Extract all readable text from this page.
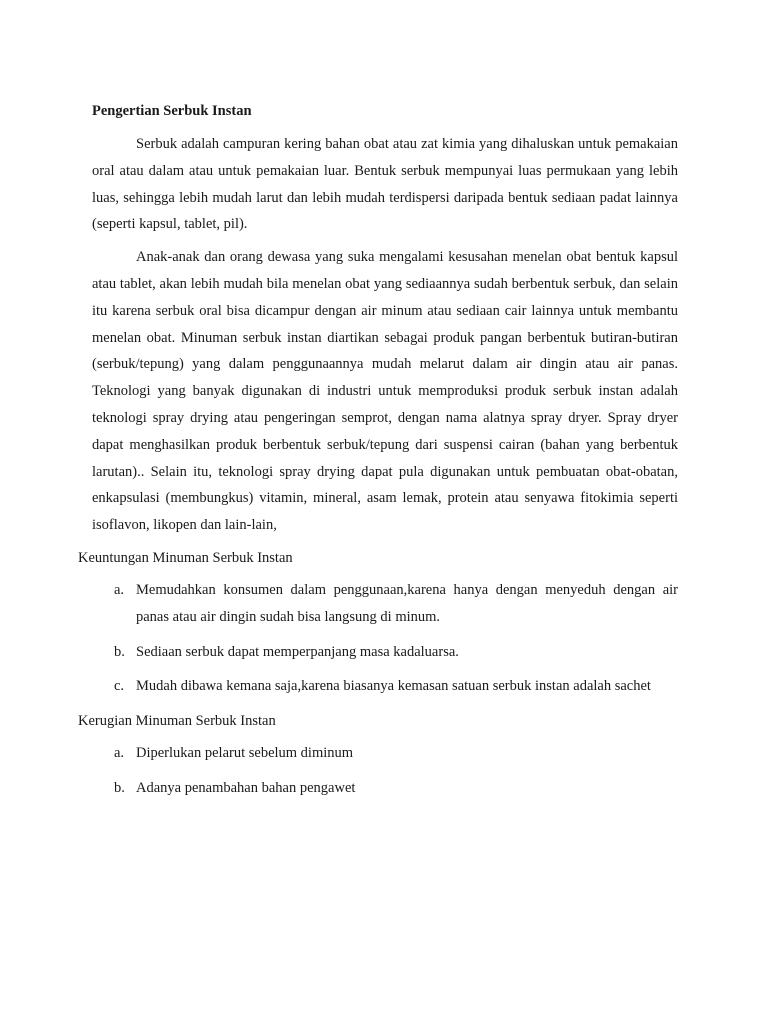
Pengertian Serbuk Instan

Serbuk adalah campuran kering bahan obat atau zat kimia yang dihaluskan untuk pemakaian oral atau dalam atau untuk pemakaian luar. Bentuk serbuk mempunyai luas permukaan yang lebih luas, sehingga lebih mudah larut dan lebih mudah terdispersi daripada bentuk sediaan padat lainnya (seperti kapsul, tablet, pil).

Anak-anak dan orang dewasa yang suka mengalami kesusahan menelan obat bentuk kapsul atau tablet, akan lebih mudah bila menelan obat yang sediaannya sudah berbentuk serbuk, dan selain itu karena serbuk oral bisa dicampur dengan air minum atau sediaan cair lainnya untuk membantu menelan obat. Minuman serbuk instan diartikan sebagai produk pangan berbentuk butiran-butiran (serbuk/tepung) yang dalam penggunaannya mudah melarut dalam air dingin atau air panas. Teknologi yang banyak digunakan di industri untuk memproduksi produk serbuk instan adalah teknologi spray drying atau pengeringan semprot, dengan nama alatnya spray dryer. Spray dryer dapat menghasilkan produk berbentuk serbuk/tepung dari suspensi cairan (bahan yang berbentuk larutan).. Selain itu, teknologi spray drying dapat pula digunakan untuk pembuatan obat-obatan, enkapsulasi (membungkus) vitamin, mineral, asam lemak, protein atau senyawa fitokimia seperti isoflavon, likopen dan lain-lain,

Keuntungan Minuman Serbuk Instan
a. Memudahkan konsumen dalam penggunaan,karena hanya dengan menyeduh dengan air panas atau air dingin sudah bisa langsung di minum.
b. Sediaan serbuk dapat memperpanjang masa kadaluarsa.
c. Mudah dibawa kemana saja,karena biasanya kemasan satuan serbuk instan adalah sachet
Kerugian Minuman Serbuk Instan
a. Diperlukan pelarut sebelum diminum
b. Adanya penambahan bahan pengawet
